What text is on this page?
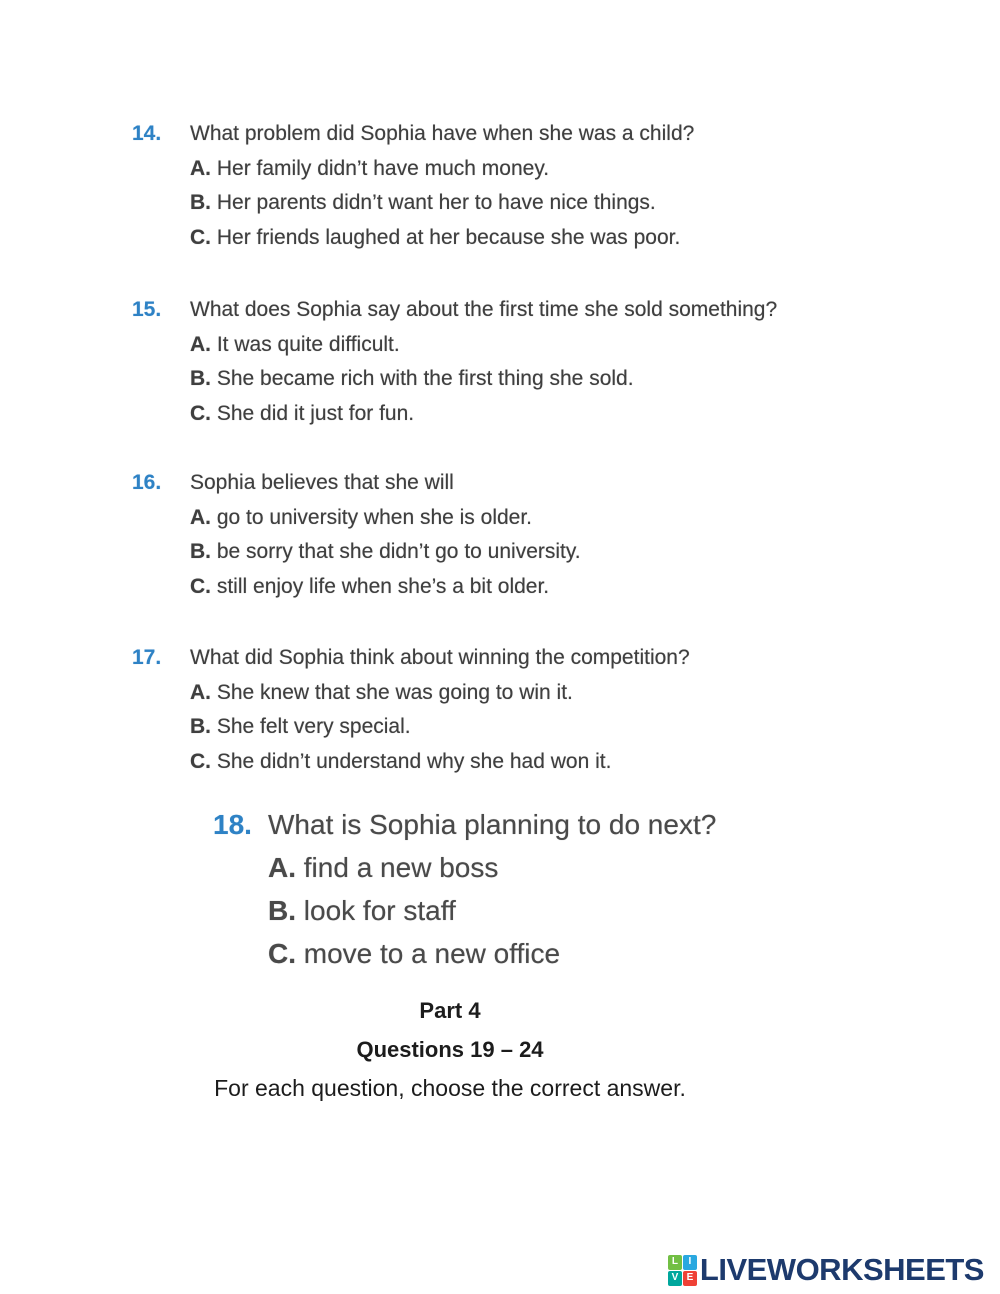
14. What problem did Sophia have when she was a child?
A. Her family didn’t have much money.
B. Her parents didn’t want her to have nice things.
C. Her friends laughed at her because she was poor.
15. What does Sophia say about the first time she sold something?
A. It was quite difficult.
B. She became rich with the first thing she sold.
C. She did it just for fun.
16. Sophia believes that she will
A. go to university when she is older.
B. be sorry that she didn’t go to university.
C. still enjoy life when she’s a bit older.
17. What did Sophia think about winning the competition?
A. She knew that she was going to win it.
B. She felt very special.
C. She didn’t understand why she had won it.
18. What is Sophia planning to do next?
A. find a new boss
B. look for staff
C. move to a new office
Part 4
Questions 19 – 24
For each question, choose the correct answer.
L	I
V E LIVEWORKSHEETS
